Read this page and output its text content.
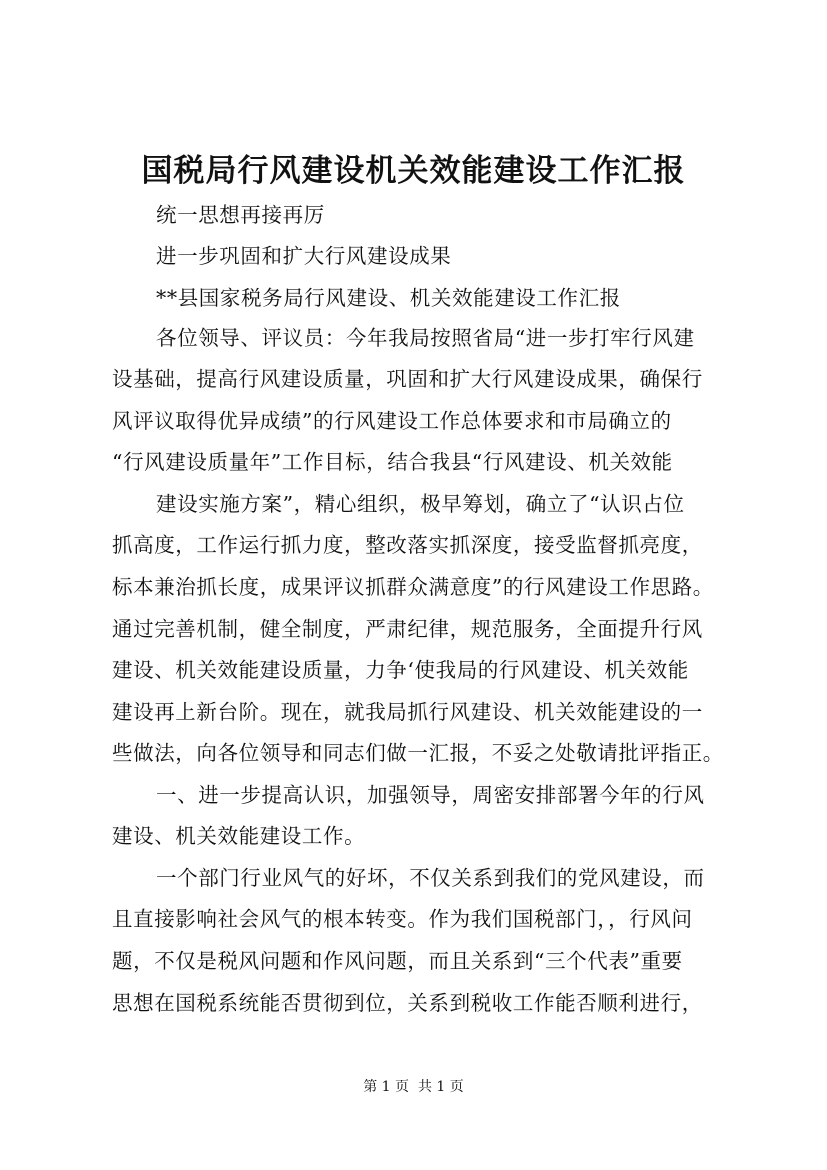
国税局行风建设机关效能建设工作汇报

统一思想再接再厉

进一步巩固和扩大行风建设成果

**县国家税务局行风建设、机关效能建设工作汇报

各位领导、评议员：今年我局按照省局“进一步打牢行风建

设基础，提高行风建设质量，巩固和扩大行风建设成果，确保行

风评议取得优异成绩”的行风建设工作总体要求和市局确立的

“行风建设质量年”工作目标，结合我县“行风建设、机关效能

建设实施方案”，精心组织，极早筹划，确立了“认识占位

抓高度，工作运行抓力度，整改落实抓深度，接受监督抓亮度，

标本兼治抓长度，成果评议抓群众满意度”的行风建设工作思路。

通过完善机制，健全制度，严肃纪律，规范服务，全面提升行风

建设、机关效能建设质量，力争‘使我局的行风建设、机关效能

建设再上新台阶。现在，就我局抓行风建设、机关效能建设的一

些做法，向各位领导和同志们做一汇报，不妥之处敬请批评指正。

一、进一步提高认识，加强领导，周密安排部署今年的行风

建设、机关效能建设工作。

一个部门行业风气的好坏，不仅关系到我们的党风建设，而

且直接影响社会风气的根本转变。作为我们国税部门，，行风问

题，不仅是税风问题和作风问题，而且关系到“三个代表”重要

思想在国税系统能否贯彻到位，关系到税收工作能否顺利进行，

第 1 页  共 1 页
